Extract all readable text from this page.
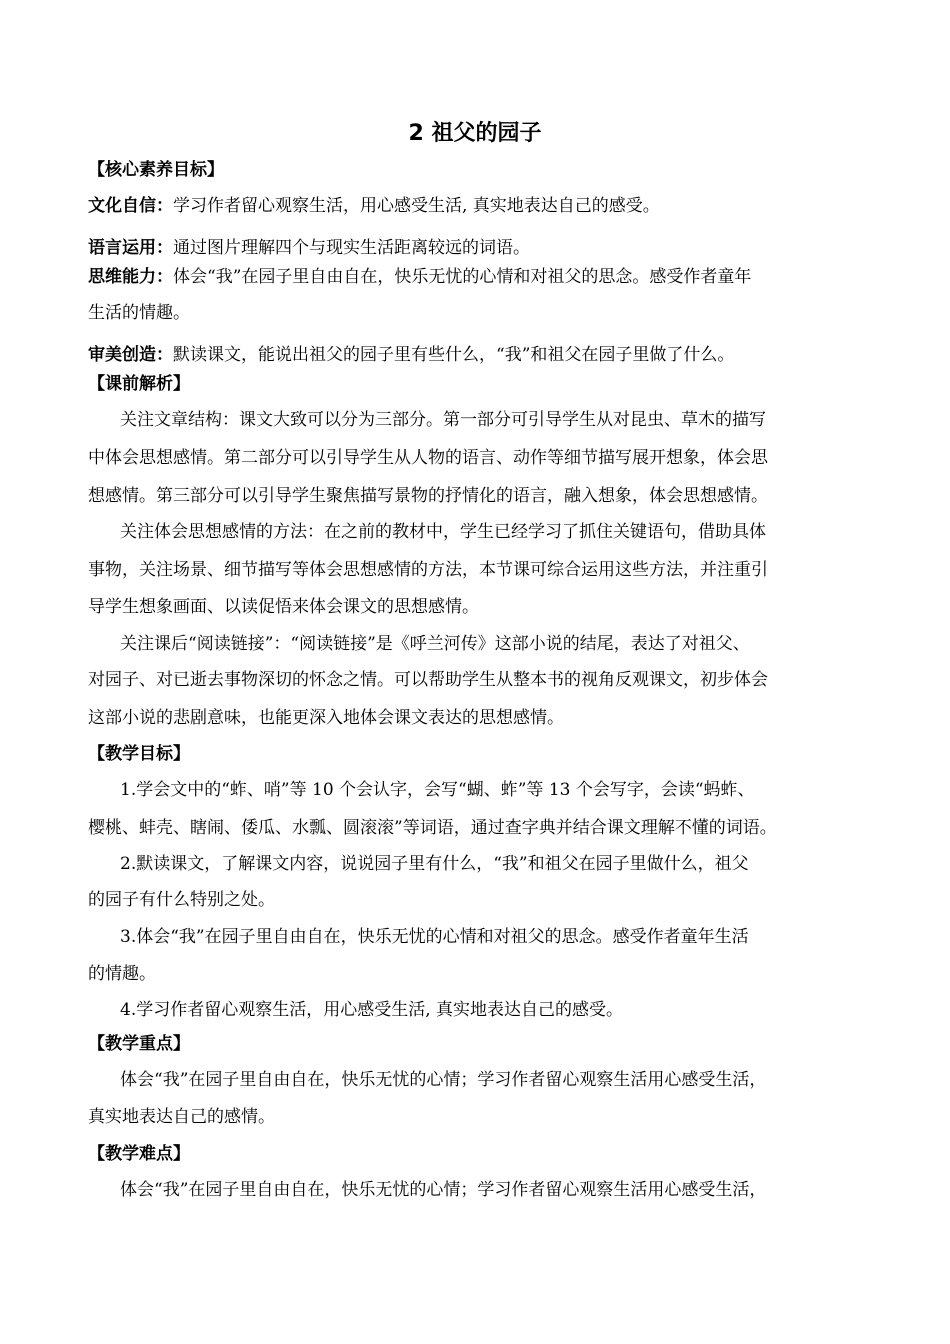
2 祖父的园子
【核心素养目标】
文化自信：学习作者留心观察生活，用心感受生活, 真实地表达自己的感受。
语言运用：通过图片理解四个与现实生活距离较远的词语。
思维能力：体会“我”在园子里自由自在，快乐无忧的心情和对祖父的思念。感受作者童年
生活的情趣。
审美创造：默读课文，能说出祖父的园子里有些什么，“我”和祖父在园子里做了什么。
【课前解析】
关注文章结构：课文大致可以分为三部分。第一部分可引导学生从对昆虫、草木的描写
中体会思想感情。第二部分可以引导学生从人物的语言、动作等细节描写展开想象，体会思
想感情。第三部分可以引导学生聚焦描写景物的抒情化的语言，融入想象，体会思想感情。
关注体会思想感情的方法：在之前的教材中，学生已经学习了抓住关键语句，借助具体
事物，关注场景、细节描写等体会思想感情的方法，本节课可综合运用这些方法，并注重引
导学生想象画面、以读促悟来体会课文的思想感情。
关注课后“阅读链接”：“阅读链接”是《呼兰河传》这部小说的结尾，表达了对祖父、
对园子、对已逝去事物深切的怀念之情。可以帮助学生从整本书的视角反观课文，初步体会
这部小说的悲剧意味，也能更深入地体会课文表达的思想感情。
【教学目标】
1.学会文中的“蚱、哨”等 10 个会认字，会写“蝴、蚱”等 13 个会写字，会读“蚂蚱、
樱桃、蚌壳、瞎闹、倭瓜、水瓢、圆滚滚”等词语，通过查字典并结合课文理解不懂的词语。
2.默读课文，了解课文内容，说说园子里有什么，“我”和祖父在园子里做什么，祖父
的园子有什么特别之处。
3.体会“我”在园子里自由自在，快乐无忧的心情和对祖父的思念。感受作者童年生活
的情趣。
4.学习作者留心观察生活，用心感受生活, 真实地表达自己的感受。
【教学重点】
体会“我”在园子里自由自在，快乐无忧的心情；学习作者留心观察生活用心感受生活，
真实地表达自己的感情。
【教学难点】
体会“我”在园子里自由自在，快乐无忧的心情；学习作者留心观察生活用心感受生活，
